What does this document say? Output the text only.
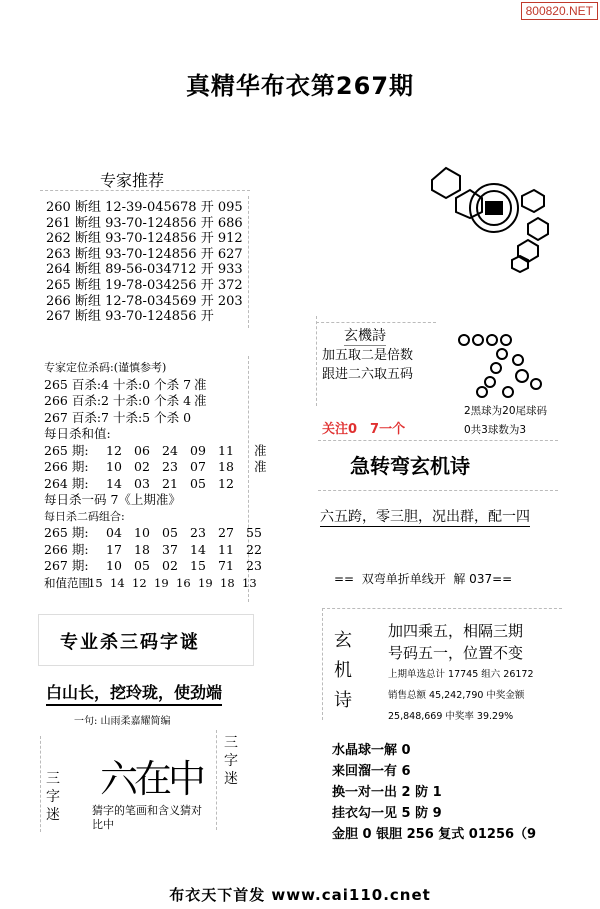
800820.NET
真精华布衣第267期
专家推荐
260 断组 12-39-045678 开 095
261 断组 93-70-124856 开 686
262 断组 93-70-124856 开 912
263 断组 93-70-124856 开 627
264 断组 89-56-034712 开 933
265 断组 19-78-034256 开 372
266 断组 12-78-034569 开 203
267 断组 93-70-124856 开
专家定位杀码:(谨慎参考)
265 百杀:4 十杀:0 个杀 7 准
266 百杀:2 十杀:0 个杀 4 准
267 百杀:7 十杀:5 个杀 0
每日杀和值:
265 期: 12 06 24 09 11 准
266 期: 10 02 23 07 18 准
264 期: 14 03 21 05 12
每日杀一码 7《上期准》
每日杀二码组合:
265 期: 04 10 05 23 27 55
266 期: 17 18 37 14 11 22
267 期: 10 05 02 15 71 23
和值范围15 14 12 19 16 19 18 13
专业杀三码字谜
白山长，挖玲珑，使劲端
一句: 山雨柔嘉耀简编
三
字
迷
六在中
三
字
迷
猜字的笔画和含义猜对比中
玄機詩
加五取二是倍数
跟进二六取五码
关注0　7一个
2黑球为20尾球码
0共3球数为3
急转弯玄机诗
六五跨，零三胆，况出群，配一四
==  双弯单折单线开  解 037==
玄
机
诗
加四乘五，相隔三期
号码五一，位置不变
上期单选总计 17745 组六 26172
销售总额 45,242,790 中奖金额
25,848,669 中奖率 39.29%
水晶球一解 0
来回溜一有 6
换一对一出 2 防 1
挂衣勾一见 5 防 9
金胆 0 银胆 256 复式 01256（9
布衣天下首发 www.cai110.cnet
